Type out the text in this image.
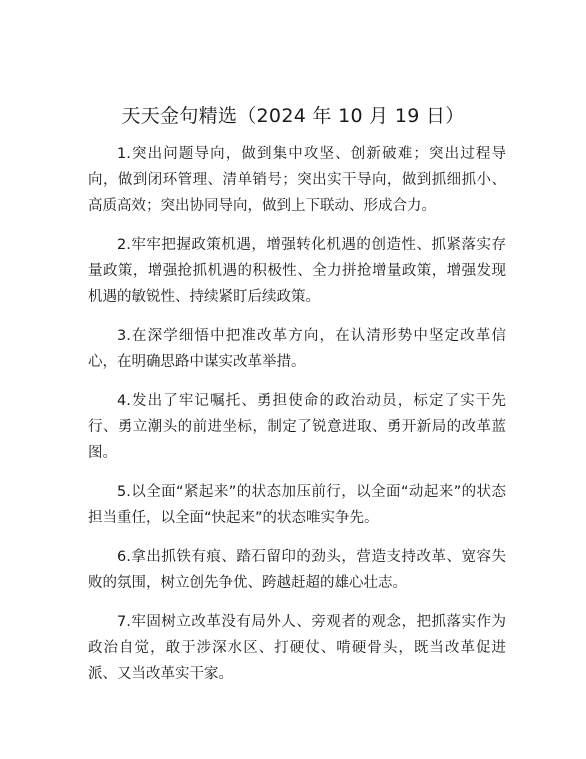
天天金句精选（2024 年 10 月 19 日）

1.突出问题导向，做到集中攻坚、创新破难；突出过程导向，做到闭环管理、清单销号；突出实干导向，做到抓细抓小、高质高效；突出协同导向，做到上下联动、形成合力。

2.牢牢把握政策机遇，增强转化机遇的创造性、抓紧落实存量政策，增强抢抓机遇的积极性、全力拼抢增量政策，增强发现机遇的敏锐性、持续紧盯后续政策。

3.在深学细悟中把准改革方向，在认清形势中坚定改革信心，在明确思路中谋实改革举措。

4.发出了牢记嘱托、勇担使命的政治动员，标定了实干先行、勇立潮头的前进坐标，制定了锐意进取、勇开新局的改革蓝图。

5.以全面“紧起来”的状态加压前行，以全面“动起来”的状态担当重任，以全面“快起来”的状态唯实争先。

6.拿出抓铁有痕、踏石留印的劲头，营造支持改革、宽容失败的氛围，树立创先争优、跨越赶超的雄心壮志。

7.牢固树立改革没有局外人、旁观者的观念，把抓落实作为政治自觉，敢于涉深水区、打硬仗、啃硬骨头，既当改革促进派、又当改革实干家。
